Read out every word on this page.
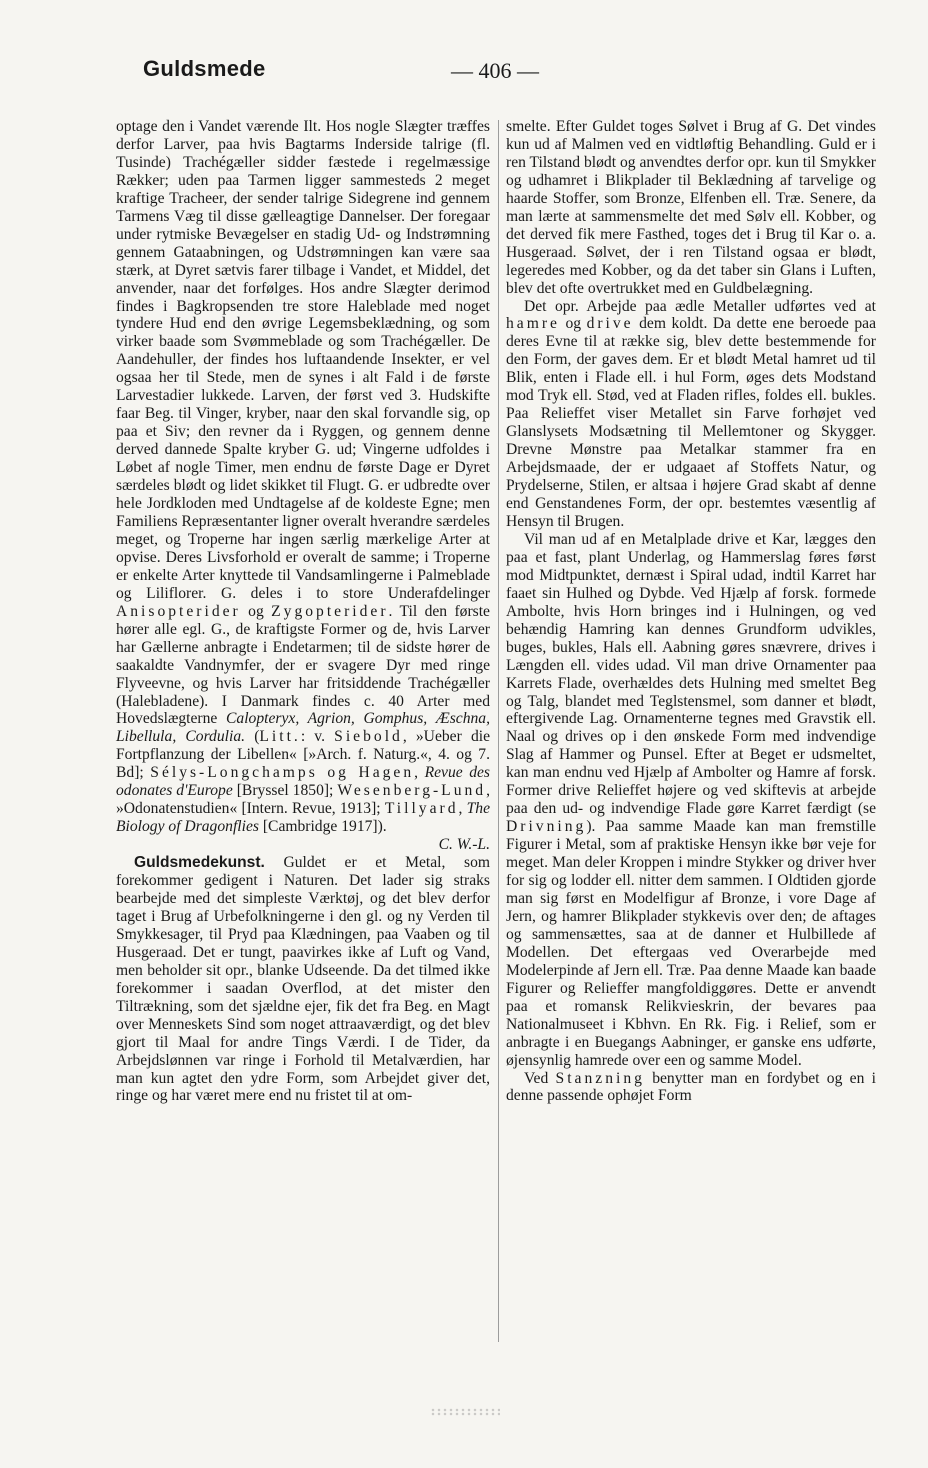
Guldsmede	— 406 —

optage den i Vandet værende Ilt. Hos nogle Slægter træffes derfor Larver, paa hvis Bagtarms Inderside talrige (fl. Tusinde) Trachégæller sidder fæstede i regelmæssige Rækker; uden paa Tarmen ligger sammesteds 2 meget kraftige Tracheer, der sender talrige Sidegrene ind gennem Tarmens Væg til disse gælleagtige Dannelser. Der foregaar under rytmiske Bevægelser en stadig Ud- og Indstrømning gennem Gataabningen, og Udstrømningen kan være saa stærk, at Dyret sætvis farer tilbage i Vandet, et Middel, det anvender, naar det forfølges. Hos andre Slægter derimod findes i Bagkropsenden tre store Haleblade med noget tyndere Hud end den øvrige Legemsbeklædning, og som virker baade som Svømmeblade og som Trachégæller. De Aandehuller, der findes hos luftaandende Insekter, er vel ogsaa her til Stede, men de synes i alt Fald i de første Larvestadier lukkede. Larven, der først ved 3. Hudskifte faar Beg. til Vinger, kryber, naar den skal forvandle sig, op paa et Siv; den revner da i Ryggen, og gennem denne derved dannede Spalte kryber G. ud; Vingerne udfoldes i Løbet af nogle Timer, men endnu de første Dage er Dyret særdeles blødt og lidet skikket til Flugt. G. er udbredte over hele Jordkloden med Undtagelse af de koldeste Egne; men Familiens Repræsentanter ligner overalt hverandre særdeles meget, og Troperne har ingen særlig mærkelige Arter at opvise. Deres Livsforhold er overalt de samme; i Troperne er enkelte Arter knyttede til Vandsamlingerne i Palmeblade og Liliflorer. G. deles i to store Underafdelinger Anisopterider og Zygopterider. Til den første hører alle egl. G., de kraftigste Former og de, hvis Larver har Gællerne anbragte i Endetarmen; til de sidste hører de saakaldte Vandnymfer, der er svagere Dyr med ringe Flyveevne, og hvis Larver har fritsiddende Trachégæller (Halebladene). I Danmark findes c. 40 Arter med Hovedslægterne Calopteryx, Agrion, Gomphus, Æschna, Libellula, Cordulia. (Litt.: v. Siebold, »Ueber die Fortpflanzung der Libellen« [»Arch. f. Naturg.«, 4. og 7. Bd]; Sélys-Longchamps og Hagen, Revue des odonates d'Europe [Bryssel 1850]; Wesenberg-Lund, »Odonatenstudien« [Intern. Revue, 1913]; Tillyard, The Biology of Dragonflies [Cambridge 1917]).
C. W.-L.

Guldsmedekunst. Guldet er et Metal, som forekommer gedigent i Naturen. Det lader sig straks bearbejde med det simpleste Værktøj, og det blev derfor taget i Brug af Urbefolkningerne i den gl. og ny Verden til Smykkesager, til Pryd paa Klædningen, paa Vaaben og til Husgeraad. Det er tungt, paavirkes ikke af Luft og Vand, men beholder sit opr., blanke Udseende. Da det tilmed ikke forekommer i saadan Overflod, at det mister den Tiltrækning, som det sjældne ejer, fik det fra Beg. en Magt over Menneskets Sind som noget attraaværdigt, og det blev gjort til Maal for andre Tings Værdi. I de Tider, da Arbejdslønnen var ringe i Forhold til Metalværdien, har man kun agtet den ydre Form, som Arbejdet giver det, ringe og har været mere end nu fristet til at om-

smelte. Efter Guldet toges Sølvet i Brug af G. Det vindes kun ud af Malmen ved en vidtløftig Behandling. Guld er i ren Tilstand blødt og anvendtes derfor opr. kun til Smykker og udhamret i Blikplader til Beklædning af tarvelige og haarde Stoffer, som Bronze, Elfenben ell. Træ. Senere, da man lærte at sammensmelte det med Sølv ell. Kobber, og det derved fik mere Fasthed, toges det i Brug til Kar o. a. Husgeraad. Sølvet, der i ren Tilstand ogsaa er blødt, legeredes med Kobber, og da det taber sin Glans i Luften, blev det ofte overtrukket med en Guldbelægning.

Det opr. Arbejde paa ædle Metaller udførtes ved at hamre og drive dem koldt. Da dette ene beroede paa deres Evne til at række sig, blev dette bestemmende for den Form, der gaves dem. Er et blødt Metal hamret ud til Blik, enten i Flade ell. i hul Form, øges dets Modstand mod Tryk ell. Stød, ved at Fladen rifles, foldes ell. bukles. Paa Relieffet viser Metallet sin Farve forhøjet ved Glanslysets Modsætning til Mellemtoner og Skygger. Drevne Mønstre paa Metalkar stammer fra en Arbejdsmaade, der er udgaaet af Stoffets Natur, og Prydelserne, Stilen, er altsaa i højere Grad skabt af denne end Genstandenes Form, der opr. bestemtes væsentlig af Hensyn til Brugen.

Vil man ud af en Metalplade drive et Kar, lægges den paa et fast, plant Underlag, og Hammerslag føres først mod Midtpunktet, dernæst i Spiral udad, indtil Karret har faaet sin Hulhed og Dybde. Ved Hjælp af forsk. formede Ambolte, hvis Horn bringes ind i Hulningen, og ved behændig Hamring kan dennes Grundform udvikles, buges, bukles, Hals ell. Aabning gøres snævrere, drives i Længden ell. vides udad. Vil man drive Ornamenter paa Karrets Flade, overhældes dets Hulning med smeltet Beg og Talg, blandet med Teglstensmel, som danner et blødt, eftergivende Lag. Ornamenterne tegnes med Gravstik ell. Naal og drives op i den ønskede Form med indvendige Slag af Hammer og Punsel. Efter at Beget er udsmeltet, kan man endnu ved Hjælp af Ambolter og Hamre af forsk. Former drive Relieffet højere og ved skiftevis at arbejde paa den ud- og indvendige Flade gøre Karret færdigt (se Drivning). Paa samme Maade kan man fremstille Figurer i Metal, som af praktiske Hensyn ikke bør veje for meget. Man deler Kroppen i mindre Stykker og driver hver for sig og lodder ell. nitter dem sammen. I Oldtiden gjorde man sig først en Modelfigur af Bronze, i vore Dage af Jern, og hamrer Blikplader stykkevis over den; de aftages og sammensættes, saa at de danner et Hulbillede af Modellen. Det eftergaas ved Overarbejde med Modelerpinde af Jern ell. Træ. Paa denne Maade kan baade Figurer og Relieffer mangfoldiggøres. Dette er anvendt paa et romansk Relikvieskrin, der bevares paa Nationalmuseet i Kbhvn. En Rk. Fig. i Relief, som er anbragte i en Buegangs Aabninger, er ganske ens udførte, øjensynlig hamrede over een og samme Model.

Ved Stanzning benytter man en fordybet og en i denne passende ophøjet Form
